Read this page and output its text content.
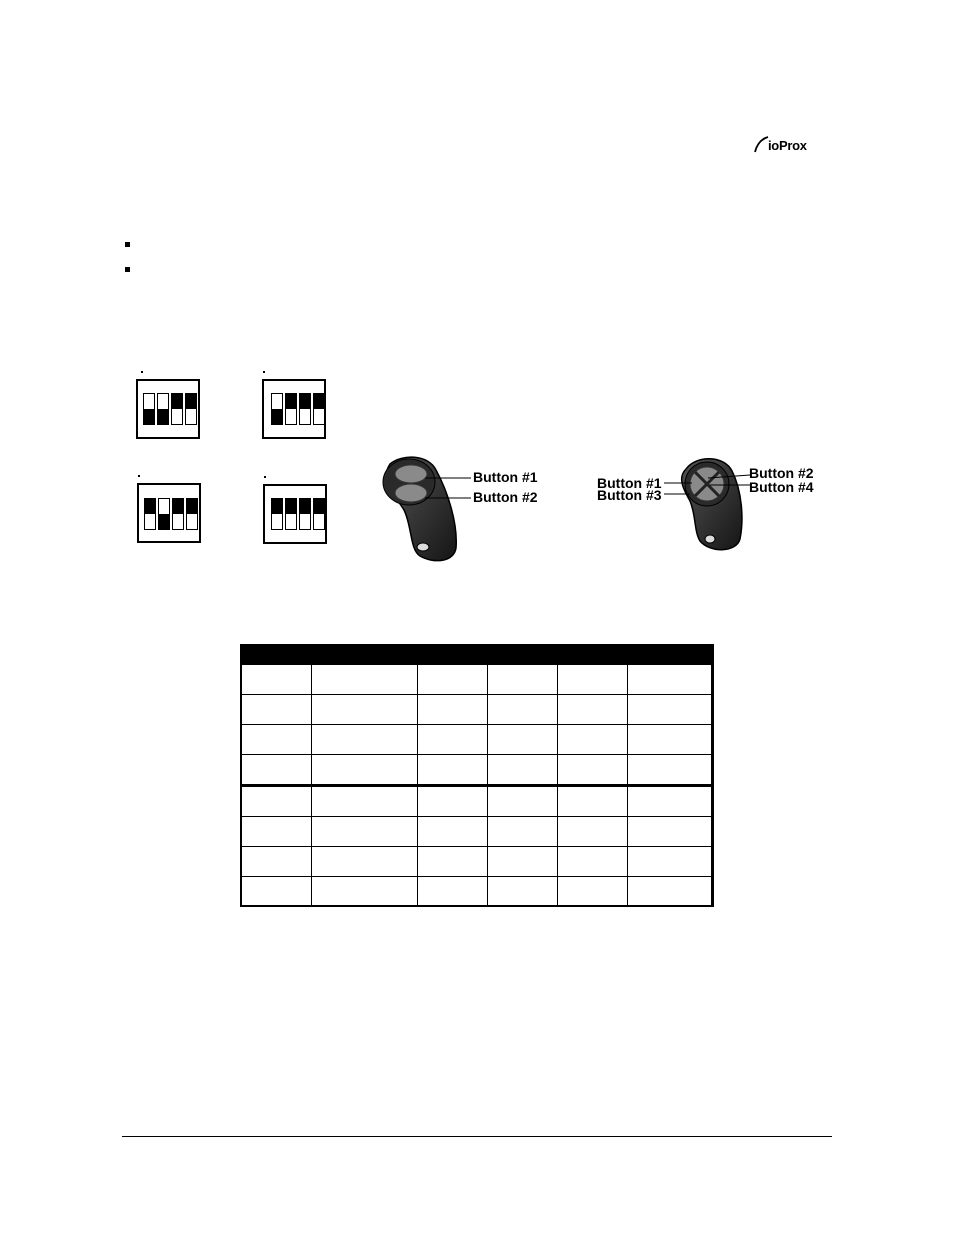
ioProx
Button #1
Button #2
Button #1
Button #3
Button #2
Button #4
